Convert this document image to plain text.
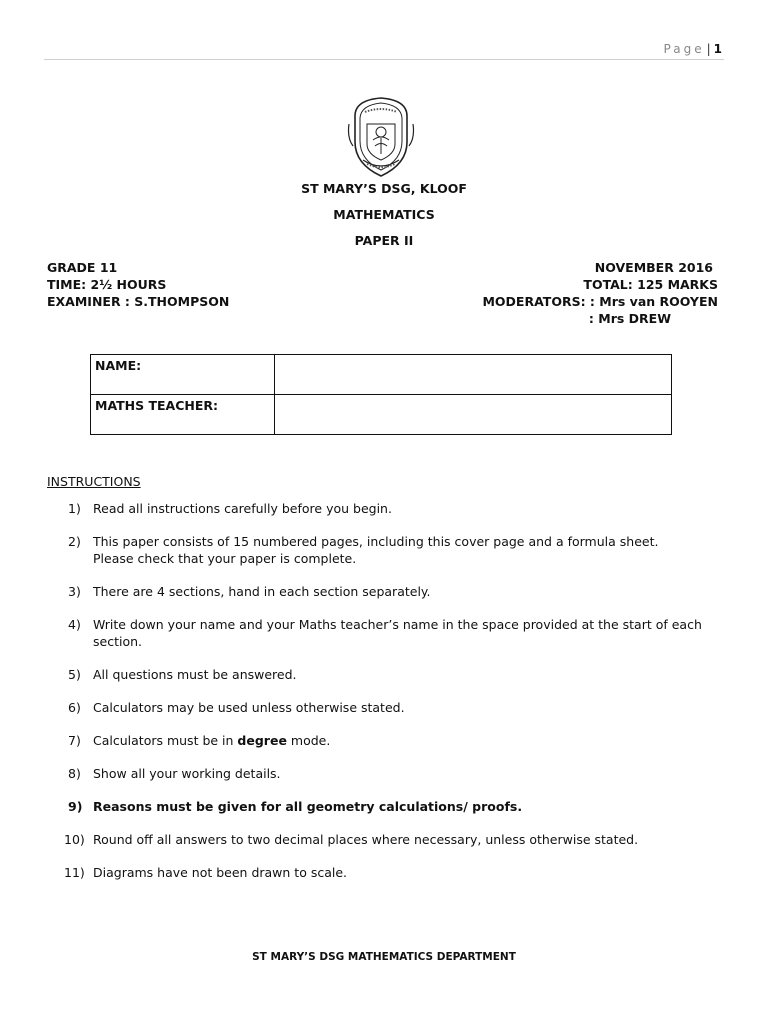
Page | 1
ST MARY’S DSG, KLOOF
MATHEMATICS
PAPER II
GRADE 11
TIME: 2½ HOURS
EXAMINER : S.THOMPSON
NOVEMBER 2016
TOTAL: 125 MARKS
MODERATORS: : Mrs van ROOYEN
: Mrs DREW
NAME:	
MATHS TEACHER:	
INSTRUCTIONS
1) Read all instructions carefully before you begin.
2) This paper consists of 15 numbered pages, including this cover page and a formula sheet.
Please check that your paper is complete.
3) There are 4 sections, hand in each section separately.
4) Write down your name and your Maths teacher’s name in the space provided at the start of each
section.
5) All questions must be answered.
6) Calculators may be used unless otherwise stated.
7) Calculators must be in degree mode.
8) Show all your working details.
9) Reasons must be given for all geometry calculations/ proofs.
10) Round off all answers to two decimal places where necessary, unless otherwise stated.
11) Diagrams have not been drawn to scale.
ST MARY’S DSG MATHEMATICS DEPARTMENT
